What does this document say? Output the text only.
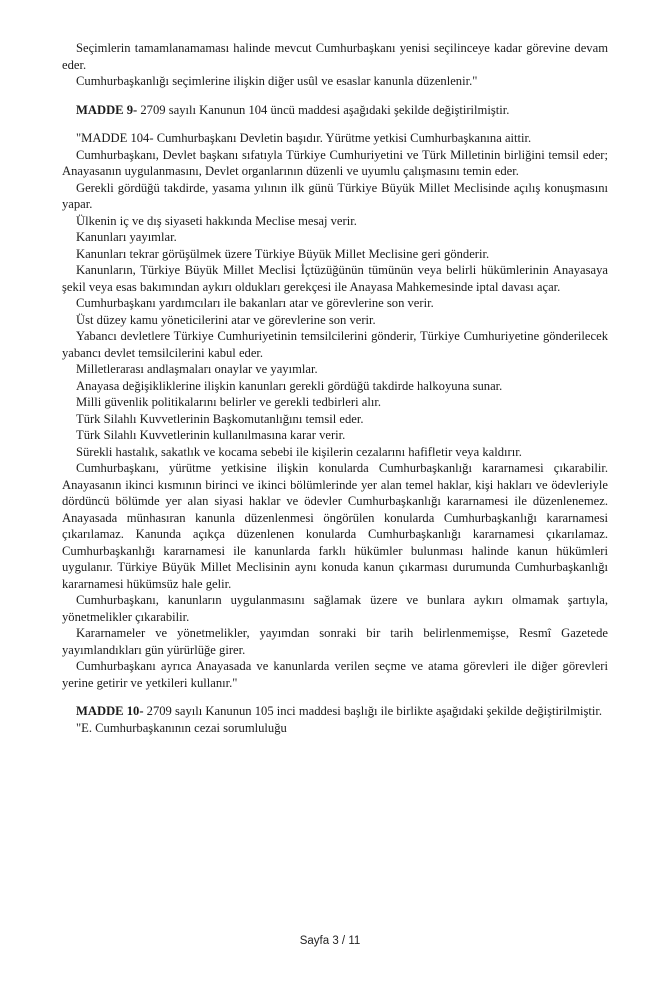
Seçimlerin tamamlanamaması halinde mevcut Cumhurbaşkanı yenisi seçilinceye kadar görevine devam eder.

Cumhurbaşkanlığı seçimlerine ilişkin diğer usûl ve esaslar kanunla düzenlenir."

MADDE 9- 2709 sayılı Kanunun 104 üncü maddesi aşağıdaki şekilde değiştirilmiştir.

"MADDE 104- Cumhurbaşkanı Devletin başıdır. Yürütme yetkisi Cumhurbaşkanına aittir.

Cumhurbaşkanı, Devlet başkanı sıfatıyla Türkiye Cumhuriyetini ve Türk Milletinin birliğini temsil eder; Anayasanın uygulanmasını, Devlet organlarının düzenli ve uyumlu çalışmasını temin eder.

Gerekli gördüğü takdirde, yasama yılının ilk günü Türkiye Büyük Millet Meclisinde açılış konuşmasını yapar.

Ülkenin iç ve dış siyaseti hakkında Meclise mesaj verir.

Kanunları yayımlar.

Kanunları tekrar görüşülmek üzere Türkiye Büyük Millet Meclisine geri gönderir.

Kanunların, Türkiye Büyük Millet Meclisi İçtüzüğünün tümünün veya belirli hükümlerinin Anayasaya şekil veya esas bakımından aykırı oldukları gerekçesi ile Anayasa Mahkemesinde iptal davası açar.

Cumhurbaşkanı yardımcıları ile bakanları atar ve görevlerine son verir.

Üst düzey kamu yöneticilerini atar ve görevlerine son verir.

Yabancı devletlere Türkiye Cumhuriyetinin temsilcilerini gönderir, Türkiye Cumhuriyetine gönderilecek yabancı devlet temsilcilerini kabul eder.

Milletlerarası andlaşmaları onaylar ve yayımlar.

Anayasa değişikliklerine ilişkin kanunları gerekli gördüğü takdirde halkoyuna sunar.

Milli güvenlik politikalarını belirler ve gerekli tedbirleri alır.

Türk Silahlı Kuvvetlerinin Başkomutanlığını temsil eder.

Türk Silahlı Kuvvetlerinin kullanılmasına karar verir.

Sürekli hastalık, sakatlık ve kocama sebebi ile kişilerin cezalarını hafifletir veya kaldırır.

Cumhurbaşkanı, yürütme yetkisine ilişkin konularda Cumhurbaşkanlığı kararnamesi çıkarabilir. Anayasanın ikinci kısmının birinci ve ikinci bölümlerinde yer alan temel haklar, kişi hakları ve ödevleriyle dördüncü bölümde yer alan siyasi haklar ve ödevler Cumhurbaşkanlığı kararnamesi ile düzenlenemez. Anayasada münhasıran kanunla düzenlenmesi öngörülen konularda Cumhurbaşkanlığı kararnamesi çıkarılamaz. Kanunda açıkça düzenlenen konularda Cumhurbaşkanlığı kararnamesi çıkarılamaz. Cumhurbaşkanlığı kararnamesi ile kanunlarda farklı hükümler bulunması halinde kanun hükümleri uygulanır. Türkiye Büyük Millet Meclisinin aynı konuda kanun çıkarması durumunda Cumhurbaşkanlığı kararnamesi hükümsüz hale gelir.

Cumhurbaşkanı, kanunların uygulanmasını sağlamak üzere ve bunlara aykırı olmamak şartıyla, yönetmelikler çıkarabilir.

Kararnameler ve yönetmelikler, yayımdan sonraki bir tarih belirlenmemişse, Resmî Gazetede yayımlandıkları gün yürürlüğe girer.

Cumhurbaşkanı ayrıca Anayasada ve kanunlarda verilen seçme ve atama görevleri ile diğer görevleri yerine getirir ve yetkileri kullanır."

MADDE 10- 2709 sayılı Kanunun 105 inci maddesi başlığı ile birlikte aşağıdaki şekilde değiştirilmiştir.

"E. Cumhurbaşkanının cezai sorumluluğu

Sayfa 3 / 11
